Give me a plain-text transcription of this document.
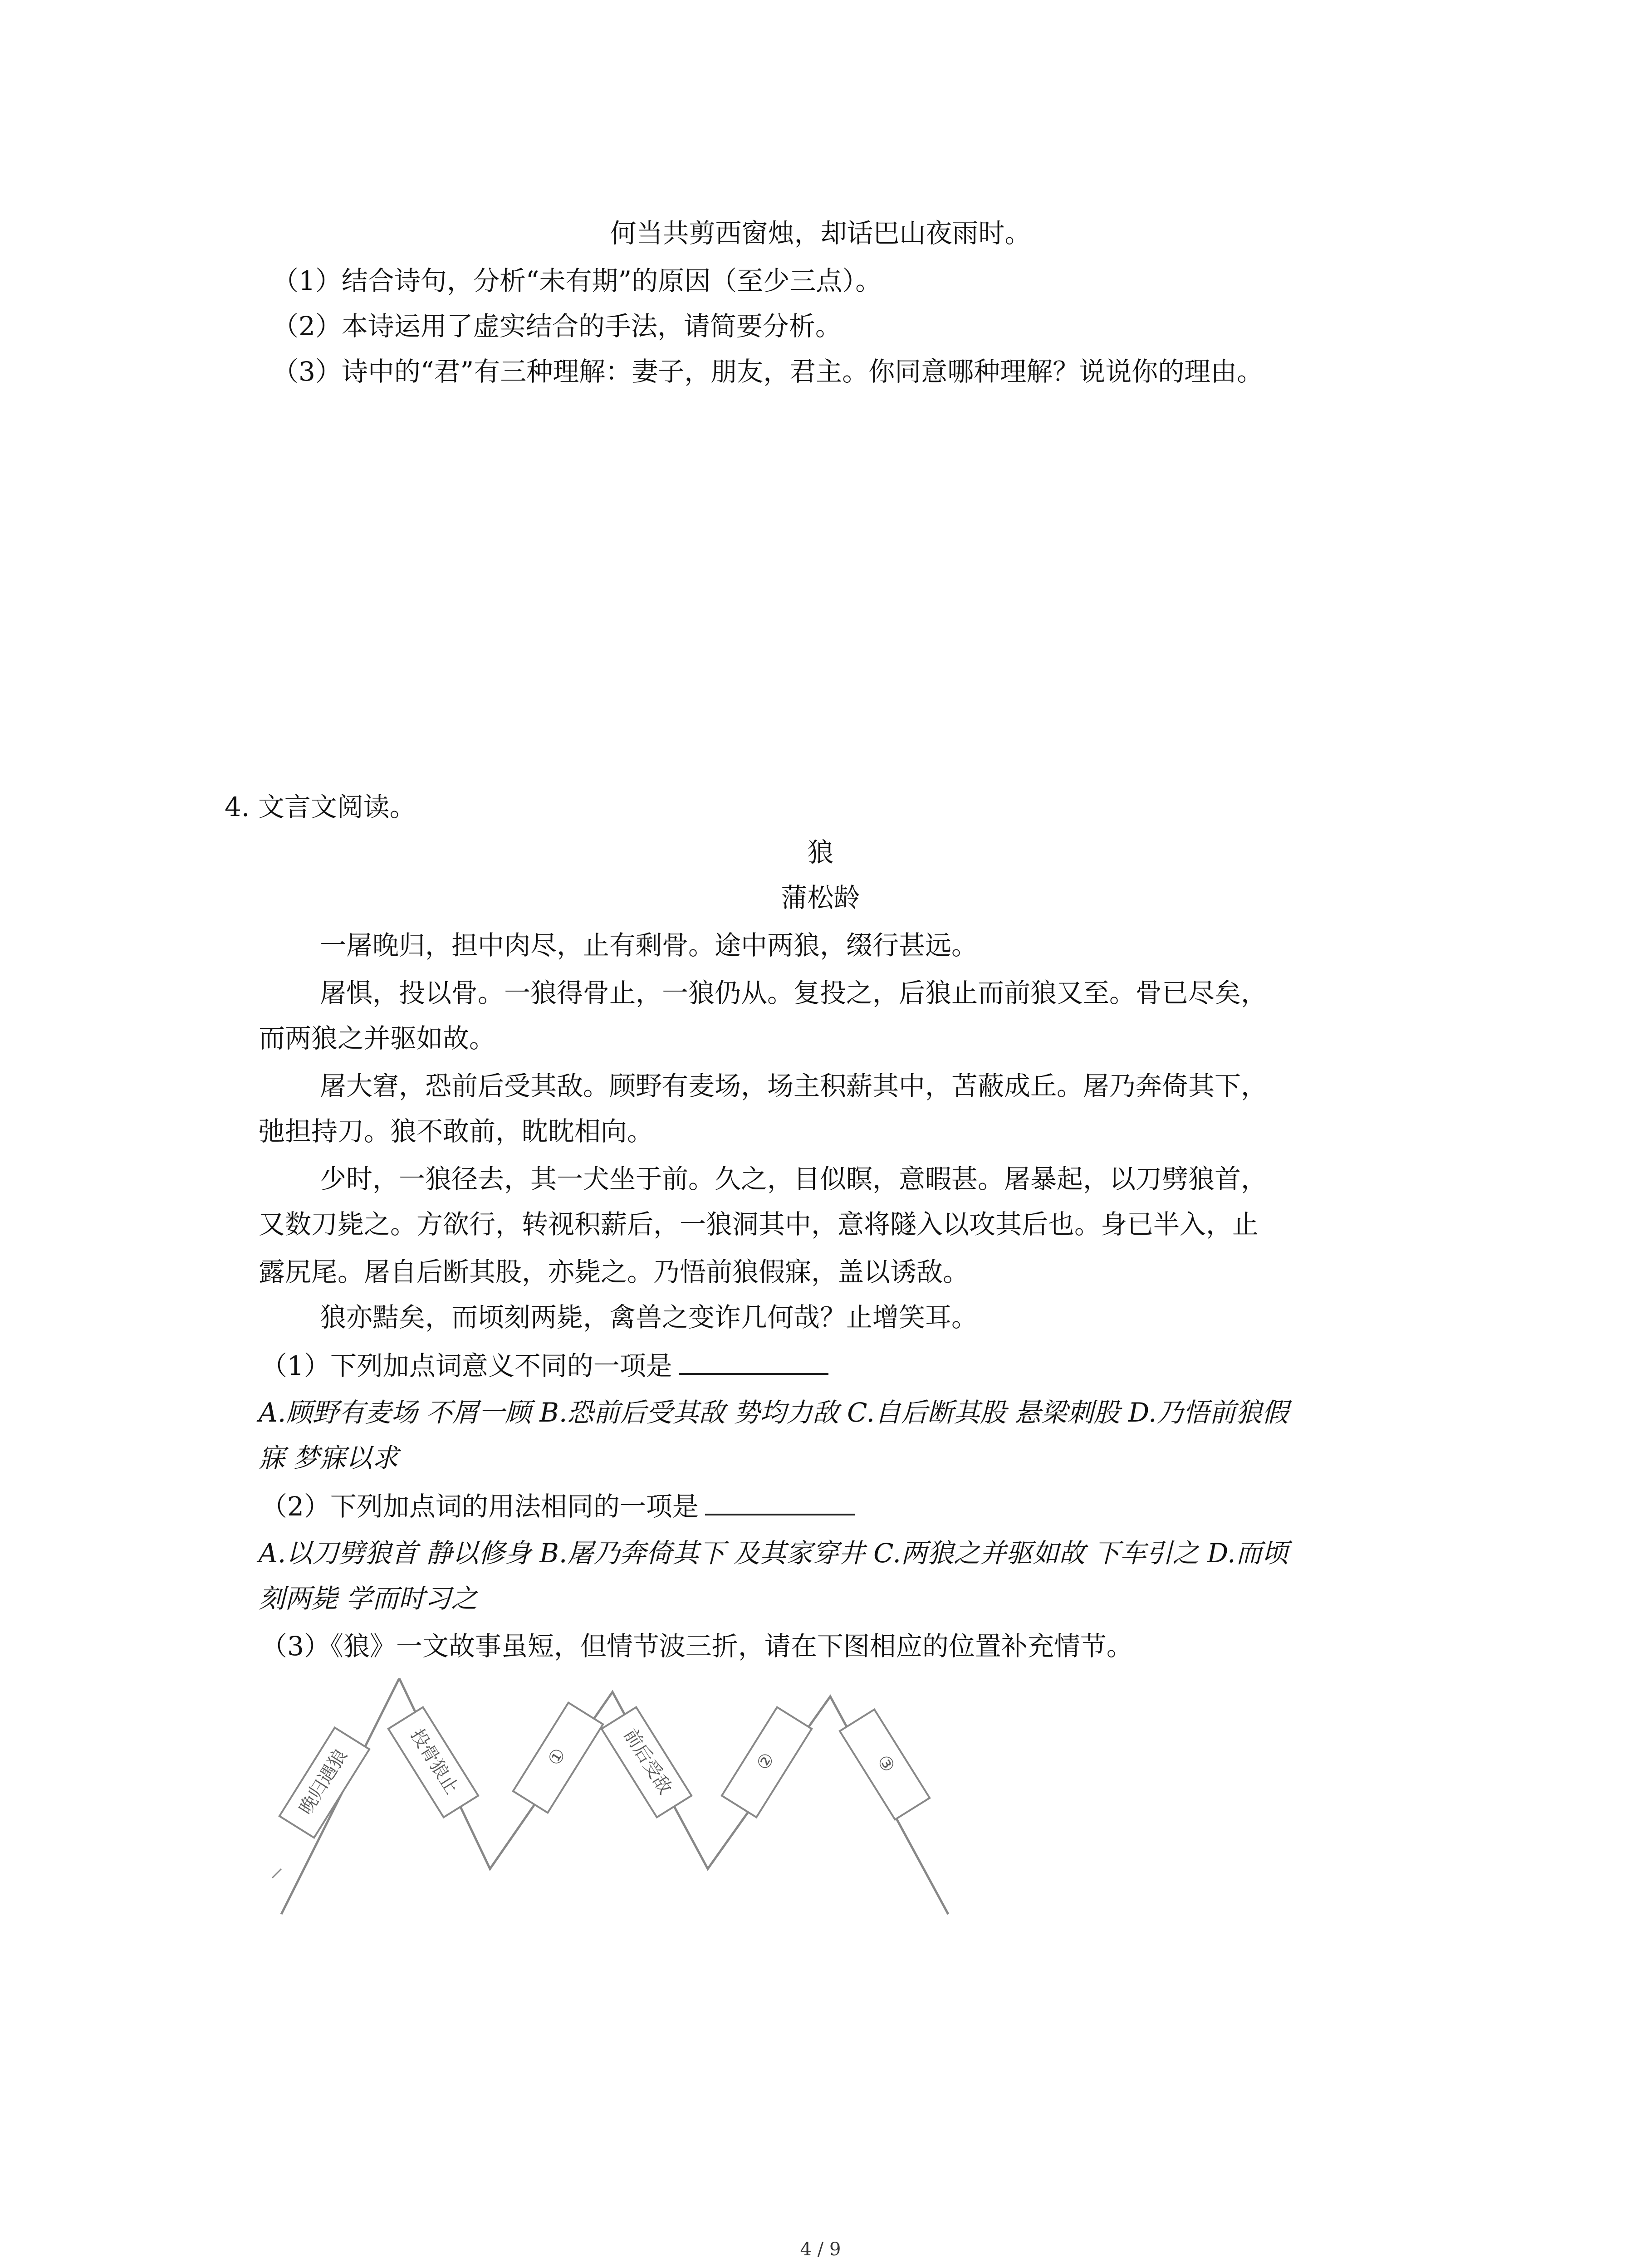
何当共剪西窗烛，却话巴山夜雨时。
（1）结合诗句，分析“未有期”的原因（至少三点）。
（2）本诗运用了虚实结合的手法，请简要分析。
（3）诗中的“君”有三种理解：妻子，朋友，君主。你同意哪种理解？说说你的理由。
4. 文言文阅读。
狼
蒲松龄
一屠晚归，担中肉尽，止有剩骨。途中两狼，缀行甚远。
屠惧，投以骨。一狼得骨止，一狼仍从。复投之，后狼止而前狼又至。骨已尽矣，
而两狼之并驱如故。
屠大窘，恐前后受其敌。顾野有麦场，场主积薪其中，苫蔽成丘。屠乃奔倚其下，
弛担持刀。狼不敢前，眈眈相向。
少时，一狼径去，其一犬坐于前。久之，目似瞑，意暇甚。屠暴起，以刀劈狼首，
又数刀毙之。方欲行，转视积薪后，一狼洞其中，意将隧入以攻其后也。身已半入，止
露尻尾。屠自后断其股，亦毙之。乃悟前狼假寐，盖以诱敌。
狼亦黠矣，而顷刻两毙，禽兽之变诈几何哉？止增笑耳。
（1）下列加点词意义不同的一项是
A.顾野有麦场 不屑一顾 B.恐前后受其敌 势均力敌 C.自后断其股 悬梁刺股 D.乃悟前狼假
寐 梦寐以求
（2）下列加点词的用法相同的一项是
A.以刀劈狼首 静以修身 B.屠乃奔倚其下 及其家穿井 C.两狼之并驱如故 下车引之 D.而顷
刻两毙 学而时习之
（3）《狼》一文故事虽短，但情节波三折，请在下图相应的位置补充情节。
晚归遇狼	投骨狼止	①	前后受敌	②	③
4 / 9
